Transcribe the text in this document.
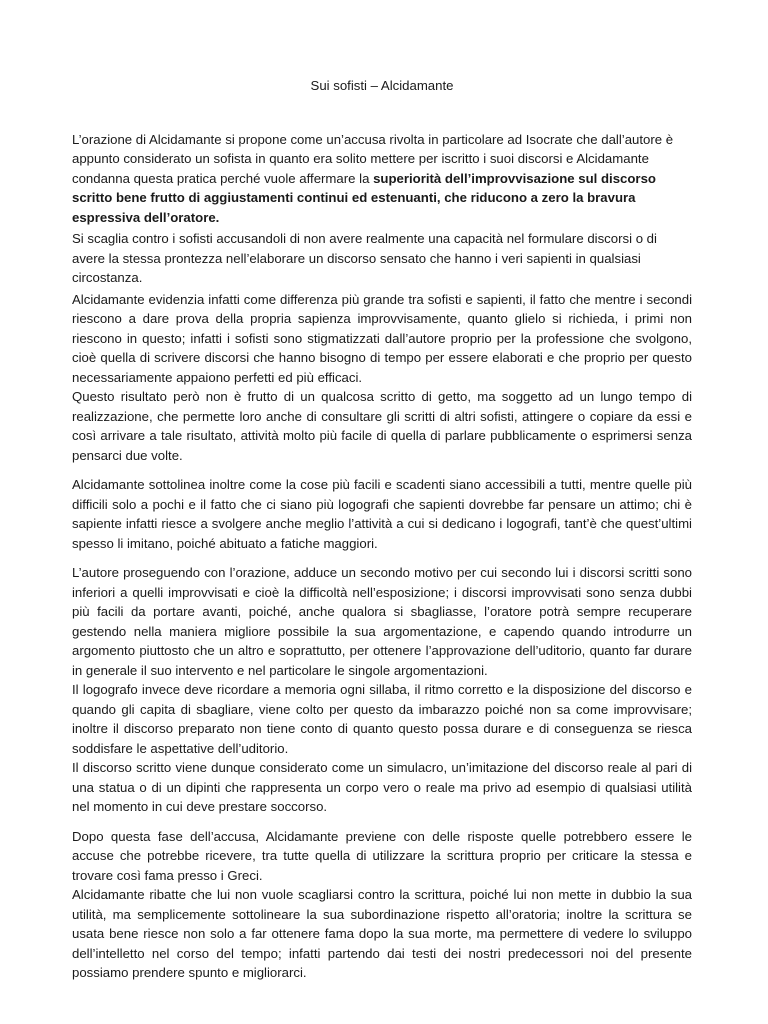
Sui sofisti – Alcidamante

L’orazione di Alcidamante si propone come un’accusa rivolta in particolare ad Isocrate che dall’autore è appunto considerato un sofista in quanto era solito mettere per iscritto i suoi discorsi e Alcidamante condanna questa pratica perché vuole affermare la superiorità dell’improvvisazione sul discorso scritto bene frutto di aggiustamenti continui ed estenuanti, che riducono a zero la bravura espressiva dell’oratore.

Si scaglia contro i sofisti accusandoli di non avere realmente una capacità nel formulare discorsi o di avere la stessa prontezza nell’elaborare un discorso sensato che hanno i veri sapienti in qualsiasi circostanza.

Alcidamante evidenzia infatti come differenza più grande tra sofisti e sapienti, il fatto che mentre i secondi riescono a dare prova della propria sapienza improvvisamente, quanto glielo si richieda, i primi non riescono in questo; infatti i sofisti sono stigmatizzati dall’autore proprio per la professione che svolgono, cioè quella di scrivere discorsi che hanno bisogno di tempo per essere elaborati e che proprio per questo necessariamente appaiono perfetti ed più efficaci.

Questo risultato però non è frutto di un qualcosa scritto di getto, ma soggetto ad un lungo tempo di realizzazione, che permette loro anche di consultare gli scritti di altri sofisti, attingere o copiare da essi e così arrivare a tale risultato, attività molto più facile di quella di parlare pubblicamente o esprimersi senza pensarci due volte.

Alcidamante sottolinea inoltre come la cose più facili e scadenti siano accessibili a tutti, mentre quelle più difficili solo a pochi e il fatto che ci siano più logografi che sapienti dovrebbe far pensare un attimo; chi è sapiente infatti riesce a svolgere anche meglio l’attività a cui si dedicano i logografi, tant’è che quest’ultimi spesso li imitano, poiché abituato a fatiche maggiori.

L’autore proseguendo con l’orazione, adduce un secondo motivo per cui secondo lui i discorsi scritti sono inferiori a quelli improvvisati e cioè la difficoltà nell’esposizione; i discorsi improvvisati sono senza dubbi più facili da portare avanti, poiché, anche qualora si sbagliasse, l’oratore potrà sempre recuperare gestendo nella maniera migliore possibile la sua argomentazione, e capendo quando introdurre un argomento piuttosto che un altro e soprattutto, per ottenere l’approvazione dell’uditorio, quanto far durare in generale il suo intervento e nel particolare le singole argomentazioni.

Il logografo invece deve ricordare a memoria ogni sillaba, il ritmo corretto e la disposizione del discorso e quando gli capita di sbagliare, viene colto per questo da imbarazzo poiché non sa come improvvisare; inoltre il discorso preparato non tiene conto di quanto questo possa durare e di conseguenza se riesca soddisfare le aspettative dell’uditorio.

Il discorso scritto viene dunque considerato come un simulacro, un’imitazione del discorso reale al pari di una statua o di un dipinti che rappresenta un corpo vero o reale ma privo ad esempio di qualsiasi utilità nel momento in cui deve prestare soccorso.

Dopo questa fase dell’accusa, Alcidamante previene con delle risposte quelle potrebbero essere le accuse che potrebbe ricevere, tra tutte quella di utilizzare la scrittura proprio per criticare la stessa e trovare così fama presso i Greci.

Alcidamante ribatte che lui non vuole scagliarsi contro la scrittura, poiché lui non mette in dubbio la sua utilità, ma semplicemente sottolineare la sua subordinazione rispetto all’oratoria; inoltre la scrittura se usata bene riesce non solo a far ottenere fama dopo la sua morte, ma permettere di vedere lo sviluppo dell’intelletto nel corso del tempo; infatti partendo dai testi dei nostri predecessori noi del presente possiamo prendere spunto e migliorarci.
